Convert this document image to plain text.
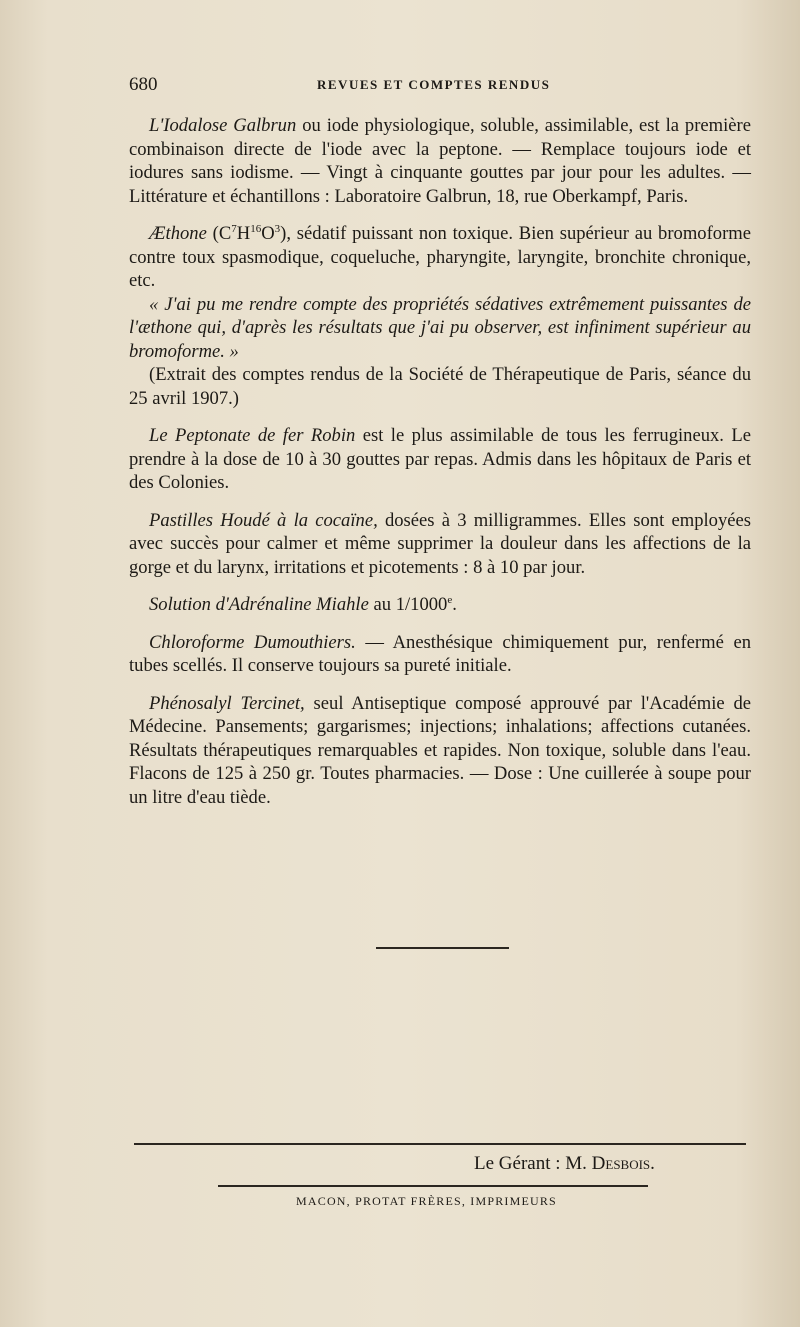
680	REVUES ET COMPTES RENDUS

L'Iodalose Galbrun ou iode physiologique, soluble, assimilable, est la première combinaison directe de l'iode avec la peptone. — Remplace toujours iode et iodures sans iodisme. — Vingt à cinquante gouttes par jour pour les adultes. — Littérature et échantillons : Laboratoire Galbrun, 18, rue Oberkampf, Paris.

Æthone $(C^7H^{16}O^3)$, sédatif puissant non toxique. Bien supérieur au bromoforme contre toux spasmodique, coqueluche, pharyngite, laryngite, bronchite chronique, etc.

« J'ai pu me rendre compte des propriétés sédatives extrêmement puissantes de l'æthone qui, d'après les résultats que j'ai pu observer, est infiniment supérieur au bromoforme. »

(Extrait des comptes rendus de la Société de Thérapeutique de Paris, séance du 25 avril 1907.)

Le Peptonate de fer Robin est le plus assimilable de tous les ferrugineux. Le prendre à la dose de 10 à 30 gouttes par repas. Admis dans les hôpitaux de Paris et des Colonies.

Pastilles Houdé à la cocaïne, dosées à 3 milligrammes. Elles sont employées avec succès pour calmer et même supprimer la douleur dans les affections de la gorge et du larynx, irritations et picotements : 8 à 10 par jour.

Solution d'Adrénaline Miahle au 1/1000e.

Chloroforme Dumouthiers. — Anesthésique chimiquement pur, renfermé en tubes scellés. Il conserve toujours sa pureté initiale.

Phénosalyl Tercinet, seul Antiseptique composé approuvé par l'Académie de Médecine. Pansements; gargarismes; injections; inhalations; affections cutanées. Résultats thérapeutiques remarquables et rapides. Non toxique, soluble dans l'eau. Flacons de 125 à 250 gr. Toutes pharmacies. — Dose : Une cuillerée à soupe pour un litre d'eau tiède.

Le Gérant : M. Desbois.
MACON, PROTAT FRÈRES, IMPRIMEURS
